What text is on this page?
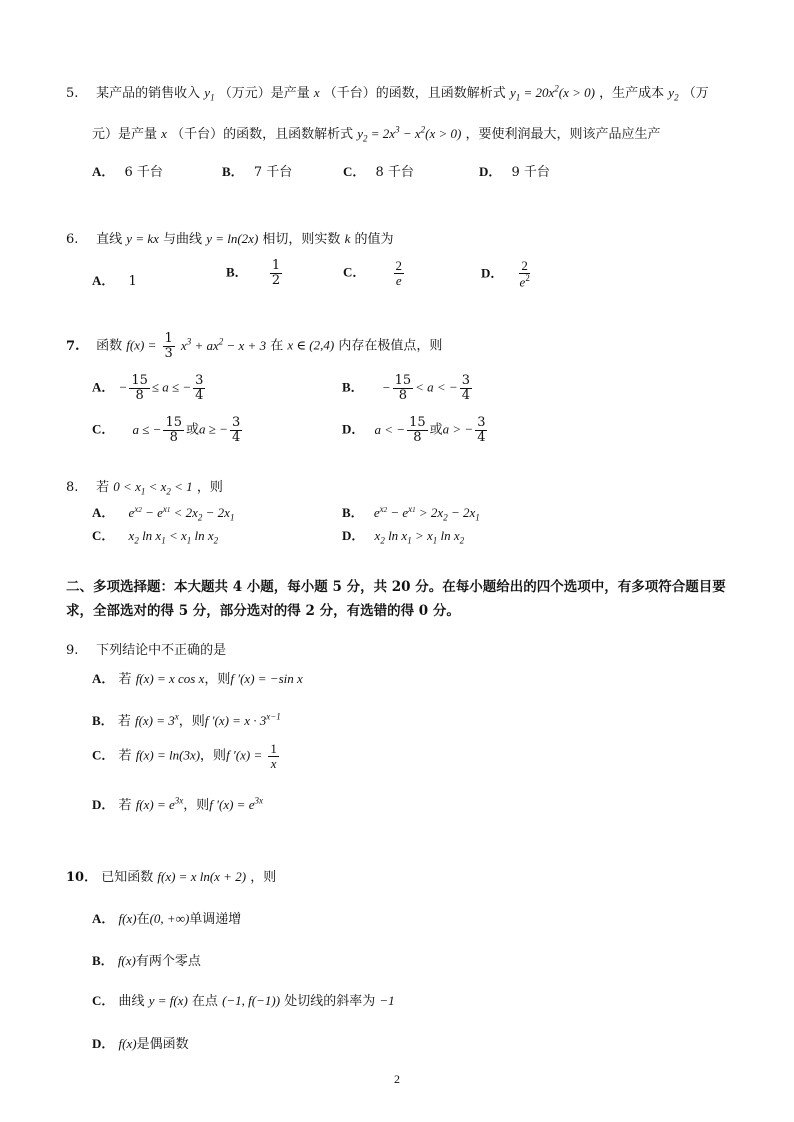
5. 某产品的销售收入 $y_1$ （万元）是产量 x （千台）的函数，且函数解析式 $y_1 = 20x^2(x > 0)$ ，生产成本 $y_2$ （万
元）是产量 x （千台）的函数，且函数解析式 $y_2 = 2x^3 - x^2(x > 0)$ ，要使利润最大，则该产品应生产
A． 6 千台	B． 7 千台	C． 8 千台	D． 9 千台
6. 直线 y = kx 与曲线 y = ln(2x) 相切，则实数 k 的值为
A． 1
B． $\frac{1}{2}$	C． $\frac{2}{e}$	D． $\frac{2}{e^2}$
7. 函数 $f(x) = \frac{1}{3} x^3 + ax^2 - x + 3$ 在 x ∈ (2,4) 内存在极值点，则
A． − $\frac{15}{8} \le a$ ≤ − $\frac{3}{4}$	B． − $\frac{15}{8} < a$ < − $\frac{3}{4}$
C． a ≤ − $\frac{15}{8}$ 或a ≥ − $\frac{3}{4}$	D． a < − $\frac{15}{8}$ 或a > − $\frac{3}{4}$
8. 若 $0 < x_1 < x_2 < 1$ ，则
A． $e^{x2} - e^{x1} < 2x_2 - 2x_1$	B． $e^{x2} - e^{x1} > 2x_2 - 2x_1$
C． $x_2$ $\ln x_1 < x_1$ $\ln x_2$	D． $x_2$ $\ln x_1 > x_1$ $\ln x_2$
二、多项选择题：本大题共 4 小题，每小题 5 分，共 20 分。在每小题给出的四个选项中，有多项符合题目要
求，全部选对的得 5 分，部分选对的得 2 分，有选错的得 0 分。
9. 下列结论中不正确的是
A． 若 f(x) = x cos x，则f ′(x) = −sin x
B． 若 $f(x) = 3^x$，则f $'(x) = x \cdot 3^{x-1}$
C． 若 f(x) = ln(3x)，则f $'(x) = \frac{1}{x}$
D． 若 $f(x) = e^{3x}$，则f $'(x) = e^{3x}$
10． 已知函数 f(x) = x ln(x + 2) ，则
A． f(x)在(0, +∞)单调递增
B． f(x)有两个零点
C． 曲线 y = f(x) 在点 (−1, f(−1)) 处切线的斜率为 −1
D． f(x)是偶函数
2
